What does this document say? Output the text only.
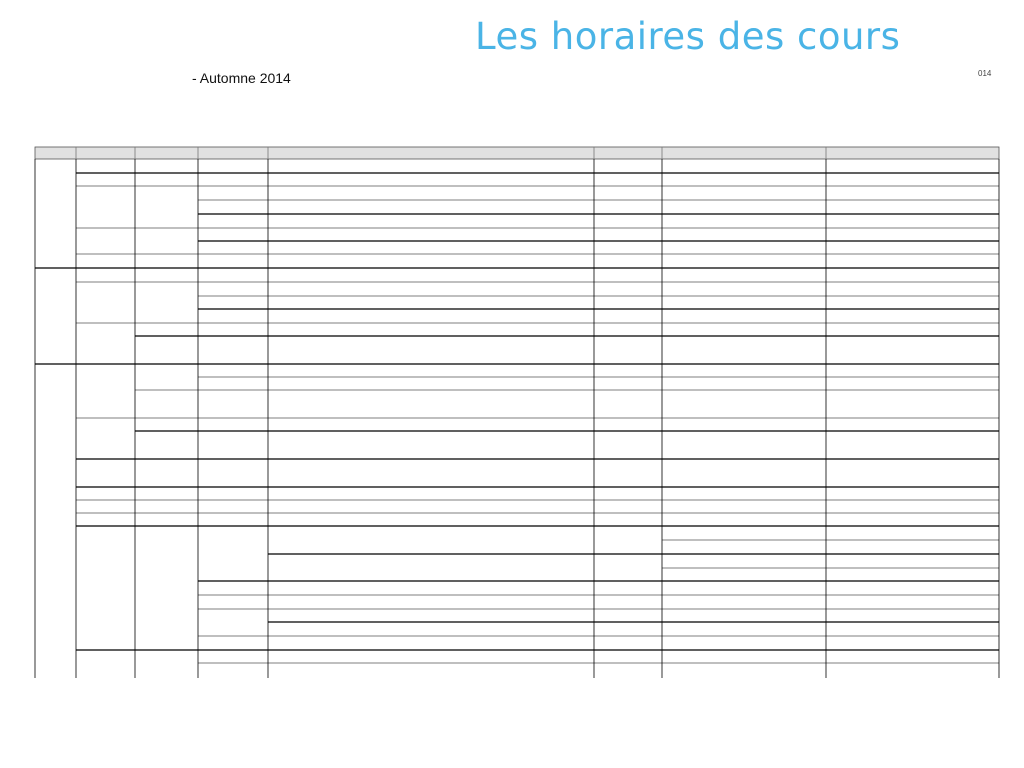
Les horaires des cours
- Automne 2014	014
